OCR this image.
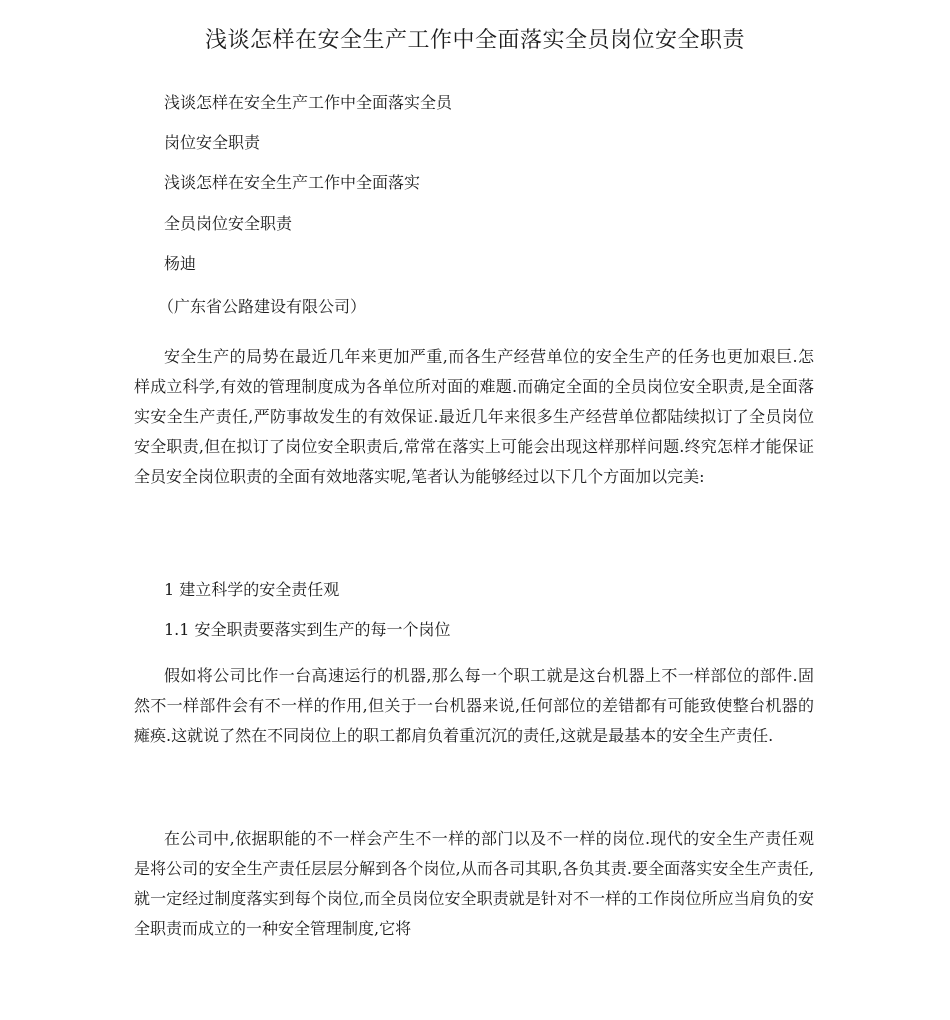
浅谈怎样在安全生产工作中全面落实全员岗位安全职责
浅谈怎样在安全生产工作中全面落实全员
岗位安全职责
浅谈怎样在安全生产工作中全面落实
全员岗位安全职责
杨迪
（广东省公路建设有限公司）
安全生产的局势在最近几年来更加严重,而各生产经营单位的安全生产的任务也更加艰巨.怎样成立科学,有效的管理制度成为各单位所对面的难题.而确定全面的全员岗位安全职责,是全面落实安全生产责任,严防事故发生的有效保证.最近几年来很多生产经营单位都陆续拟订了全员岗位安全职责,但在拟订了岗位安全职责后,常常在落实上可能会出现这样那样问题.终究怎样才能保证全员安全岗位职责的全面有效地落实呢,笔者认为能够经过以下几个方面加以完美:
1 建立科学的安全责任观
1.1 安全职责要落实到生产的每一个岗位
假如将公司比作一台高速运行的机器,那么每一个职工就是这台机器上不一样部位的部件.固然不一样部件会有不一样的作用,但关于一台机器来说,任何部位的差错都有可能致使整台机器的瘫痪.这就说了然在不同岗位上的职工都肩负着重沉沉的责任,这就是最基本的安全生产责任.
在公司中,依据职能的不一样会产生不一样的部门以及不一样的岗位.现代的安全生产责任观是将公司的安全生产责任层层分解到各个岗位,从而各司其职,各负其责.要全面落实安全生产责任,就一定经过制度落实到每个岗位,而全员岗位安全职责就是针对不一样的工作岗位所应当肩负的安全职责而成立的一种安全管理制度,它将
